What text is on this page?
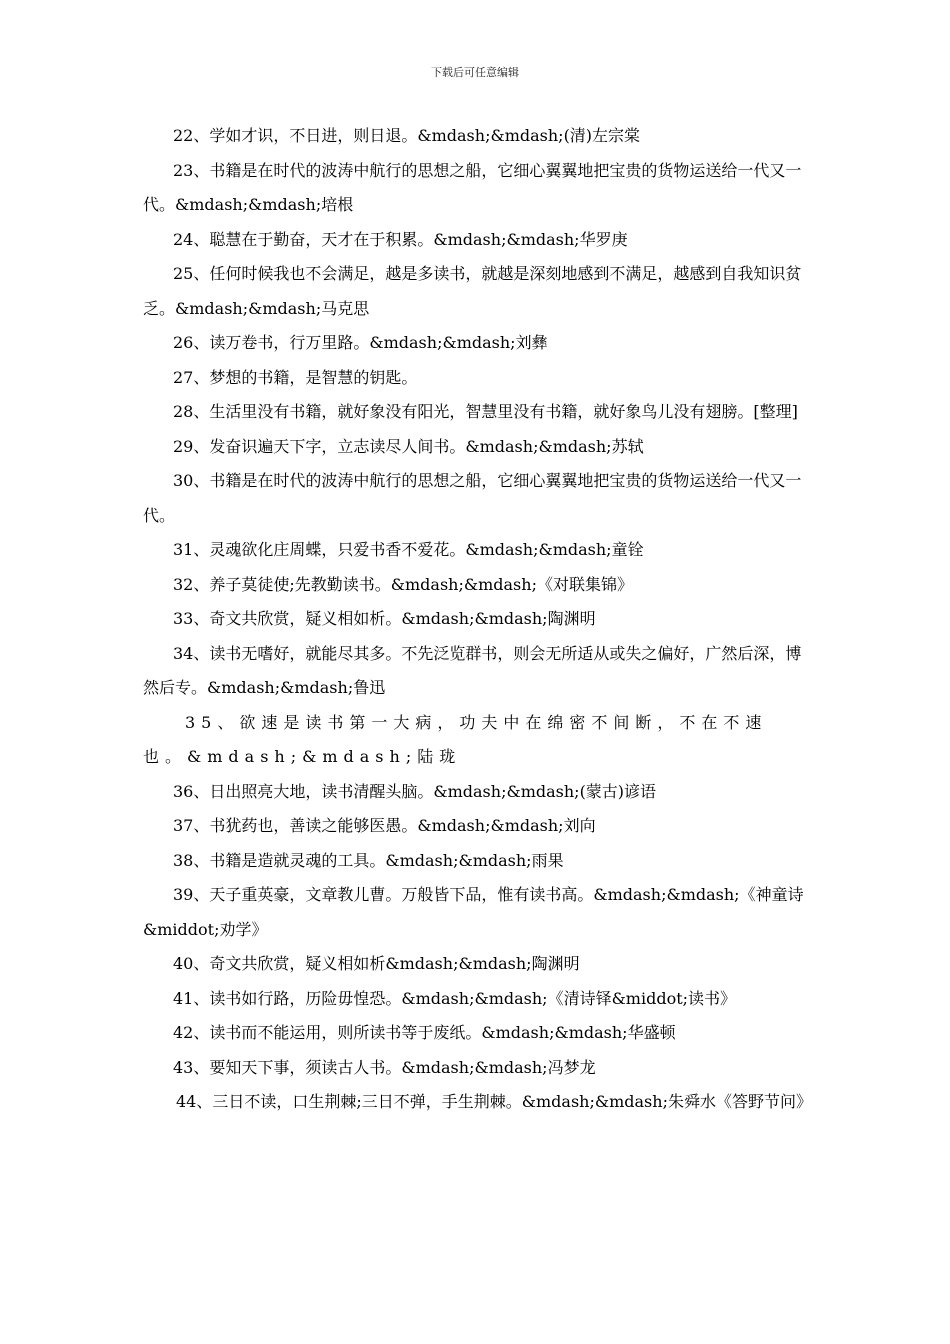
下载后可任意编辑

22、学如才识，不日进，则日退。&mdash;&mdash;(清)左宗棠

23、书籍是在时代的波涛中航行的思想之船，它细心翼翼地把宝贵的货物运送给一代又一代。&mdash;&mdash;培根

24、聪慧在于勤奋，天才在于积累。&mdash;&mdash;华罗庚

25、任何时候我也不会满足，越是多读书，就越是深刻地感到不满足，越感到自我知识贫乏。&mdash;&mdash;马克思

26、读万卷书，行万里路。&mdash;&mdash;刘彝

27、梦想的书籍，是智慧的钥匙。

28、生活里没有书籍，就好象没有阳光，智慧里没有书籍，就好象鸟儿没有翅膀。[整理]

29、发奋识遍天下字，立志读尽人间书。&mdash;&mdash;苏轼

30、书籍是在时代的波涛中航行的思想之船，它细心翼翼地把宝贵的货物运送给一代又一代。

31、灵魂欲化庄周蝶，只爱书香不爱花。&mdash;&mdash;童铨

32、养子莫徒使;先教勤读书。&mdash;&mdash;《对联集锦》

33、奇文共欣赏，疑义相如析。&mdash;&mdash;陶渊明

34、读书无嗜好，就能尽其多。不先泛览群书，则会无所适从或失之偏好，广然后深，博然后专。&mdash;&mdash;鲁迅

35、欲速是读书第一大病，功夫中在绵密不间断，不在不速也。&mdash;&mdash;陆珑

36、日出照亮大地，读书清醒头脑。&mdash;&mdash;(蒙古)谚语

37、书犹药也，善读之能够医愚。&mdash;&mdash;刘向

38、书籍是造就灵魂的工具。&mdash;&mdash;雨果

39、天子重英豪，文章教儿曹。万般皆下品，惟有读书高。&mdash;&mdash;《神童诗&middot;劝学》

40、奇文共欣赏，疑义相如析&mdash;&mdash;陶渊明

41、读书如行路，历险毋惶恐。&mdash;&mdash;《清诗铎&middot;读书》

42、读书而不能运用，则所读书等于废纸。&mdash;&mdash;华盛顿

43、要知天下事，须读古人书。&mdash;&mdash;冯梦龙

44、三日不读，口生荆棘;三日不弹，手生荆棘。&mdash;&mdash;朱舜水《答野节问》
